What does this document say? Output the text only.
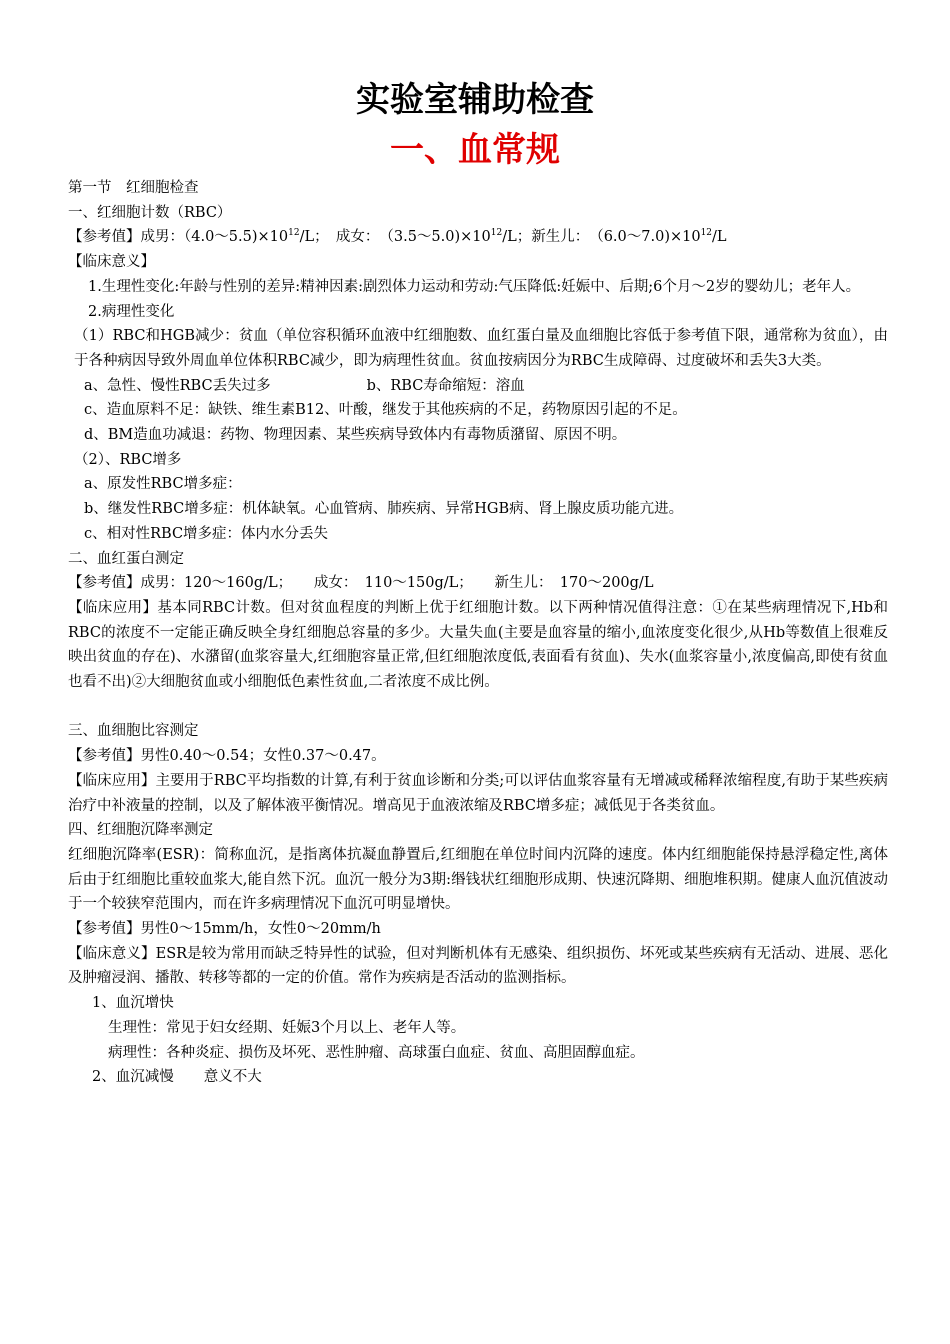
实验室辅助检查
一、血常规

第一节　红细胞检查

一、红细胞计数（RBC）

【参考值】成男：$(4.0\sim 5.5)\times 10^{12}/L$；　成女：　$(3.5\sim 5.0)\times 10^{12}/L$；新生儿：　$(6.0\sim 7.0)\times 10^{12}/L$

【临床意义】

1.生理性变化:年龄与性别的差异:精神因素:剧烈体力运动和劳动:气压降低:妊娠中、后期;6个月～2岁的婴幼儿；老年人。

2.病理性变化

（1）RBC和HGB减少：贫血（单位容积循环血液中红细胞数、血红蛋白量及血细胞比容低于参考值下限，通常称为贫血），由于各种病因导致外周血单位体积RBC减少，即为病理性贫血。贫血按病因分为RBC生成障碍、过度破坏和丢失3大类。

a、急性、慢性RBC丢失过多	b、RBC寿命缩短：溶血

c、造血原料不足：缺铁、维生素B12、叶酸，继发于其他疾病的不足，药物原因引起的不足。

d、BM造血功减退：药物、物理因素、某些疾病导致体内有毒物质潴留、原因不明。

（2）、RBC增多

a、原发性RBC增多症：

b、继发性RBC增多症：机体缺氧。心血管病、肺疾病、异常HGB病、肾上腺皮质功能亢进。

c、相对性RBC增多症：体内水分丢失

二、血红蛋白测定

【参考值】成男：120～160g/L；　　成女：　110～150g/L；　　新生儿：　170～200g/L

【临床应用】基本同RBC计数。但对贫血程度的判断上优于红细胞计数。以下两种情况值得注意：①在某些病理情况下,Hb和RBC的浓度不一定能正确反映全身红细胞总容量的多少。大量失血(主要是血容量的缩小,血浓度变化很少,从Hb等数值上很难反映出贫血的存在)、水潴留(血浆容量大,红细胞容量正常,但红细胞浓度低,表面看有贫血)、失水(血浆容量小,浓度偏高,即使有贫血也看不出)②大细胞贫血或小细胞低色素性贫血,二者浓度不成比例。

三、血细胞比容测定

【参考值】男性0.40～0.54；女性0.37～0.47。

【临床应用】主要用于RBC平均指数的计算,有利于贫血诊断和分类;可以评估血浆容量有无增减或稀释浓缩程度,有助于某些疾病治疗中补液量的控制，以及了解体液平衡情况。增高见于血液浓缩及RBC增多症；减低见于各类贫血。

四、红细胞沉降率测定

红细胞沉降率(ESR)：简称血沉，是指离体抗凝血静置后,红细胞在单位时间内沉降的速度。体内红细胞能保持悬浮稳定性,离体后由于红细胞比重较血浆大,能自然下沉。血沉一般分为3期:缗钱状红细胞形成期、快速沉降期、细胞堆积期。健康人血沉值波动于一个较狭窄范围内，而在许多病理情况下血沉可明显增快。

【参考值】男性0～15mm/h，女性0～20mm/h

【临床意义】ESR是较为常用而缺乏特异性的试验，但对判断机体有无感染、组织损伤、坏死或某些疾病有无活动、进展、恶化及肿瘤浸润、播散、转移等都的一定的价值。常作为疾病是否活动的监测指标。

1、血沉增快

生理性：常见于妇女经期、妊娠3个月以上、老年人等。

病理性：各种炎症、损伤及坏死、恶性肿瘤、高球蛋白血症、贫血、高胆固醇血症。

2、血沉减慢 意义不大
